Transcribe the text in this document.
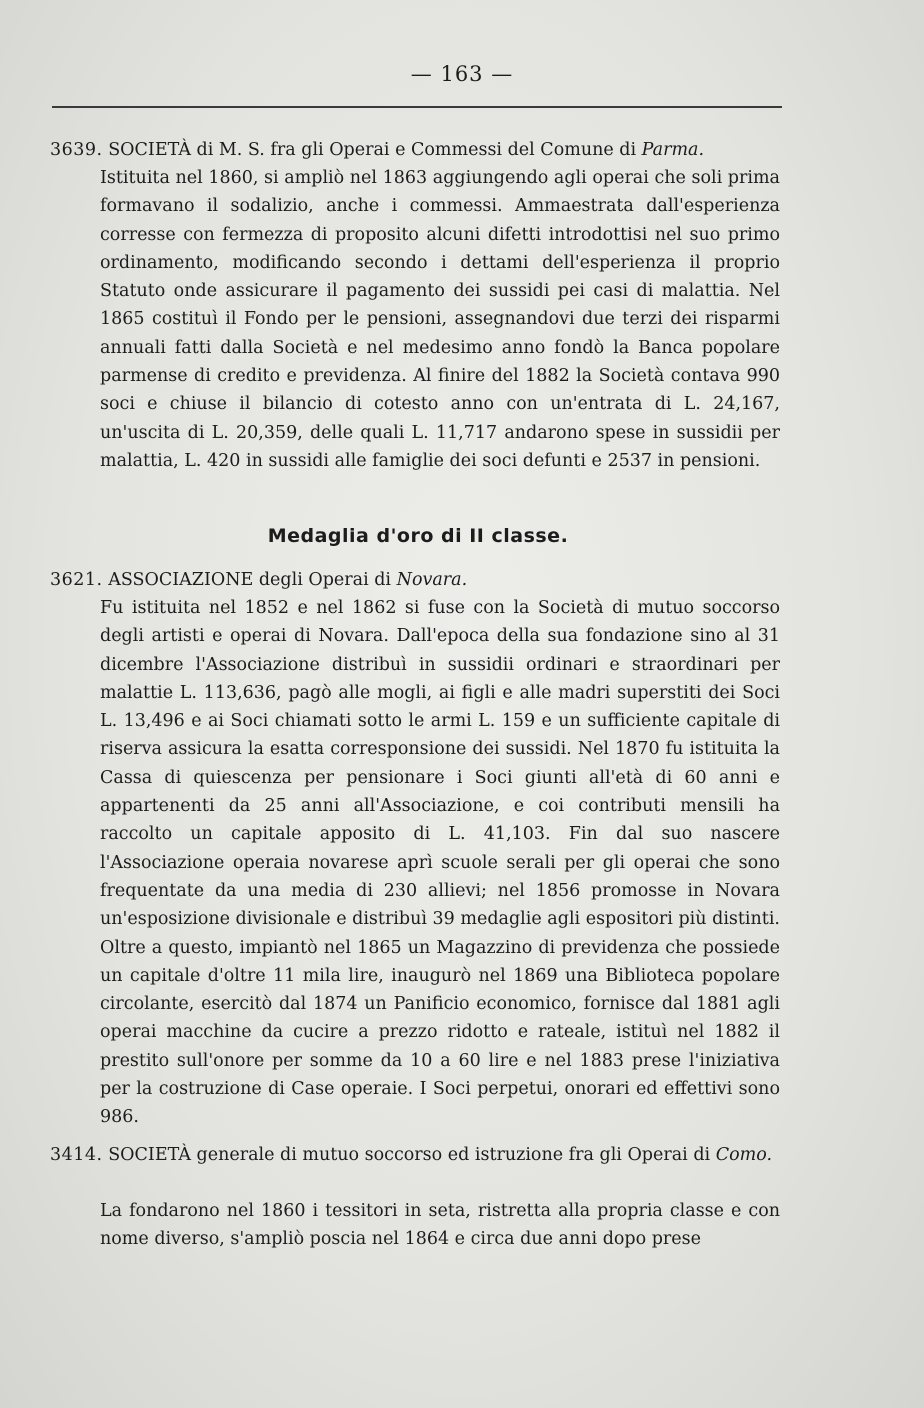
— 163 —
3639. SOCIETÀ di M. S. fra gli Operai e Commessi del Comune di Parma.
Istituita nel 1860, si ampliò nel 1863 aggiungendo agli operai che soli prima formavano il sodalizio, anche i commessi. Ammaestrata dall'esperienza corresse con fermezza di proposito alcuni difetti introdottisi nel suo primo ordinamento, modificando secondo i dettami dell'esperienza il proprio Statuto onde assicurare il pagamento dei sussidi pei casi di malattia. Nel 1865 costituì il Fondo per le pensioni, assegnandovi due terzi dei risparmi annuali fatti dalla Società e nel medesimo anno fondò la Banca popolare parmense di credito e previdenza. Al finire del 1882 la Società contava 990 soci e chiuse il bilancio di cotesto anno con un'entrata di L. 24,167, un'uscita di L. 20,359, delle quali L. 11,717 andarono spese in sussidii per malattia, L. 420 in sussidi alle famiglie dei soci defunti e 2537 in pensioni.
Medaglia d'oro di II classe.
3621. ASSOCIAZIONE degli Operai di Novara.
Fu istituita nel 1852 e nel 1862 si fuse con la Società di mutuo soccorso degli artisti e operai di Novara. Dall'epoca della sua fondazione sino al 31 dicembre l'Associazione distribuì in sussidii ordinari e straordinari per malattie L. 113,636, pagò alle mogli, ai figli e alle madri superstiti dei Soci L. 13,496 e ai Soci chiamati sotto le armi L. 159 e un sufficiente capitale di riserva assicura la esatta corresponsione dei sussidi. Nel 1870 fu istituita la Cassa di quiescenza per pensionare i Soci giunti all'età di 60 anni e appartenenti da 25 anni all'Associazione, e coi contributi mensili ha raccolto un capitale apposito di L. 41,103. Fin dal suo nascere l'Associazione operaia novarese aprì scuole serali per gli operai che sono frequentate da una media di 230 allievi; nel 1856 promosse in Novara un'esposizione divisionale e distribuì 39 medaglie agli espositori più distinti. Oltre a questo, impiantò nel 1865 un Magazzino di previdenza che possiede un capitale d'oltre 11 mila lire, inaugurò nel 1869 una Biblioteca popolare circolante, esercitò dal 1874 un Panificio economico, fornisce dal 1881 agli operai macchine da cucire a prezzo ridotto e rateale, istituì nel 1882 il prestito sull'onore per somme da 10 a 60 lire e nel 1883 prese l'iniziativa per la costruzione di Case operaie. I Soci perpetui, onorari ed effettivi sono 986.
3414. SOCIETÀ generale di mutuo soccorso ed istruzione fra gli Operai di Como.
La fondarono nel 1860 i tessitori in seta, ristretta alla propria classe e con nome diverso, s'ampliò poscia nel 1864 e circa due anni dopo prese
